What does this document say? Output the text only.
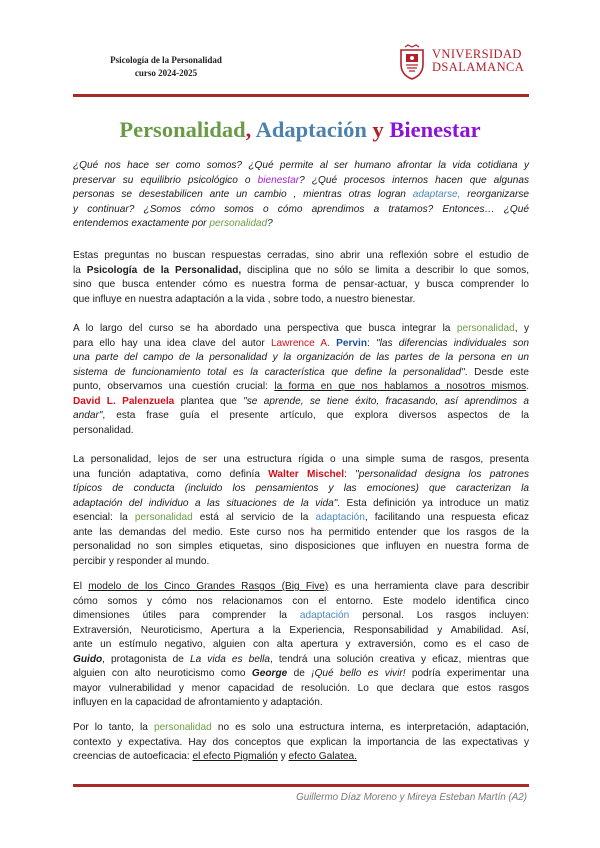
Psicología de la Personalidad
curso 2024-2025
VNIVERSIDAD
DSALAMANCA
Personalidad, Adaptación y Bienestar
¿Qué nos hace ser como somos? ¿Qué permite al ser humano afrontar la vida cotidiana y
preservar su equilibrio psicológico o bienestar? ¿Qué procesos internos hacen que algunas
personas se desestabilicen ante un cambio , mientras otras logran adaptarse, reorganizarse
y continuar? ¿Somos cómo somos o cómo aprendimos a tratamos? Entonces… ¿Qué
entendemos exactamente por personalidad?
Estas preguntas no buscan respuestas cerradas, sino abrir una reflexión sobre el estudio de
la Psicología de la Personalidad, disciplina que no sólo se limita a describir lo que somos,
sino que busca entender cómo es nuestra forma de pensar-actuar, y busca comprender lo
que influye en nuestra adaptación a la vida , sobre todo, a nuestro bienestar.
A lo largo del curso se ha abordado una perspectiva que busca integrar la personalidad, y
para ello hay una idea clave del autor Lawrence A. Pervin: "las diferencias individuales son
una parte del campo de la personalidad y la organización de las partes de la persona en un
sistema de funcionamiento total es la característica que define la personalidad". Desde este
punto, observamos una cuestión crucial: la forma en que nos hablamos a nosotros mismos.
David L. Palenzuela plantea que "se aprende, se tiene éxito, fracasando, así aprendimos a
andar", esta frase guía el presente artículo, que explora diversos aspectos de la
personalidad.
La personalidad, lejos de ser una estructura rígida o una simple suma de rasgos, presenta
una función adaptativa, como definía Walter Mischel: "personalidad designa los patrones
típicos de conducta (incluido los pensamientos y las emociones) que caracterizan la
adaptación del individuo a las situaciones de la vida". Esta definición ya introduce un matiz
esencial: la personalidad está al servicio de la adaptación, facilitando una respuesta eficaz
ante las demandas del medio. Este curso nos ha permitido entender que los rasgos de la
personalidad no son simples etiquetas, sino disposiciones que influyen en nuestra forma de
percibir y responder al mundo.
El modelo de los Cinco Grandes Rasgos (Big Five) es una herramienta clave para describir
cómo somos y cómo nos relacionamos con el entorno. Este modelo identifica cinco
dimensiones útiles para comprender la adaptación personal. Los rasgos incluyen:
Extraversión, Neuroticismo, Apertura a la Experiencia, Responsabilidad y Amabilidad. Así,
ante un estímulo negativo, alguien con alta apertura y extraversión, como es el caso de
Guido, protagonista de La vida es bella, tendrá una solución creativa y eficaz, mientras que
alguien con alto neuroticismo como George de ¡Qué bello es vivir! podría experimentar una
mayor vulnerabilidad y menor capacidad de resolución. Lo que declara que estos rasgos
influyen en la capacidad de afrontamiento y adaptación.
Por lo tanto, la personalidad no es solo una estructura interna, es interpretación, adaptación,
contexto y expectativa. Hay dos conceptos que explican la importancia de las expectativas y
creencias de autoeficacia: el efecto Pigmalión y efecto Galatea.
Guillermo Díaz Moreno y Mireya Esteban Martín (A2)
